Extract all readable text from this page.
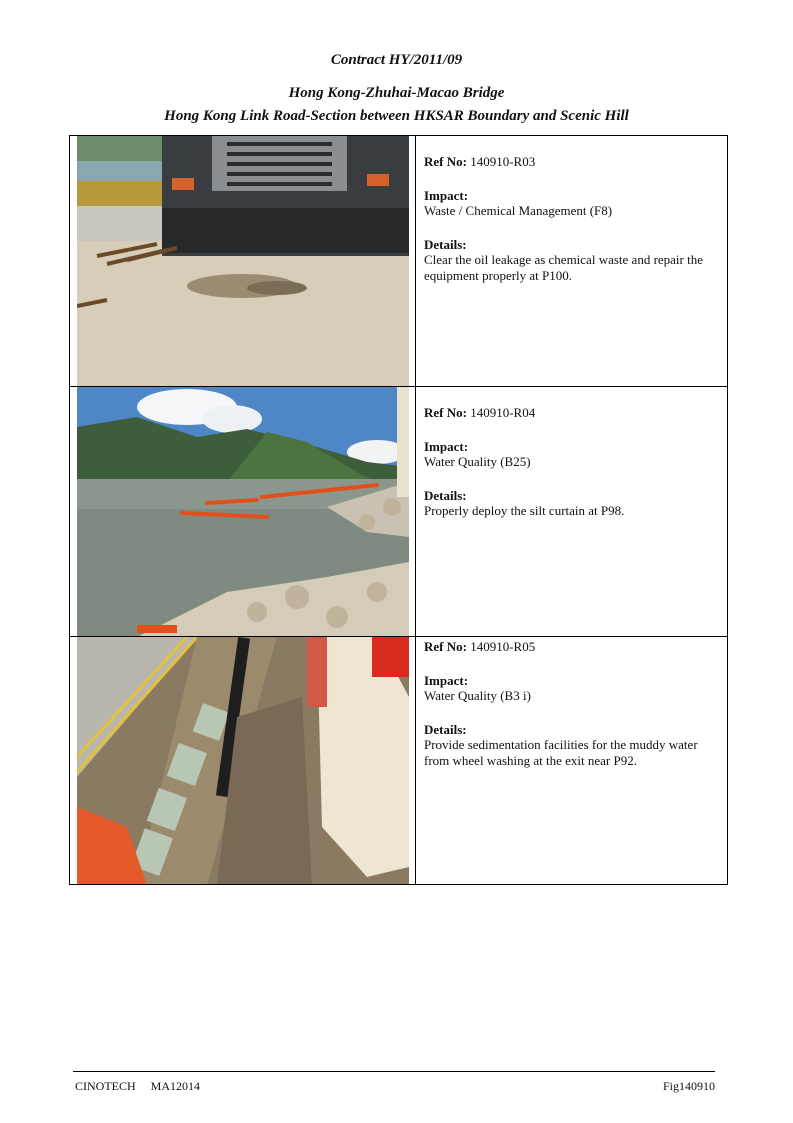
Contract HY/2011/09
Hong Kong-Zhuhai-Macao Bridge
Hong Kong Link Road-Section between HKSAR Boundary and Scenic Hill

Ref No: 140910-R03

Impact:
Waste / Chemical Management (F8)

Details:
Clear the oil leakage as chemical waste and repair the equipment properly at P100.

Ref No: 140910-R04

Impact:
Water Quality (B25)

Details:
Properly deploy the silt curtain at P98.

Ref No: 140910-R05

Impact:
Water Quality (B3 i)

Details:
Provide sedimentation facilities for the muddy water from wheel washing at the exit near P92.

CINOTECH MA12014	Fig140910
